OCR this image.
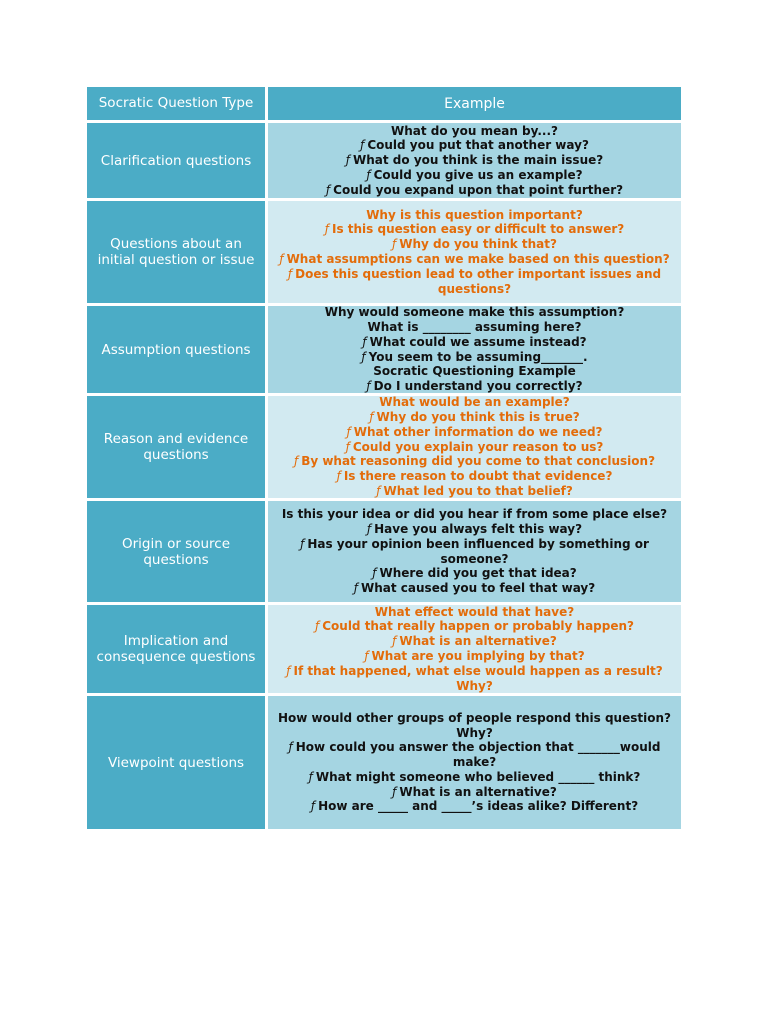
Socratic Question Type	Example
Clarification questions
What do you mean by...?
ƒ Could you put that another way?
ƒ What do you think is the main issue?
ƒ Could you give us an example?
ƒ Could you expand upon that point further?
Questions about an initial question or issue
Why is this question important?
ƒ Is this question easy or difficult to answer?
ƒ Why do you think that?
ƒ What assumptions can we make based on this question?
ƒ Does this question lead to other important issues and questions?
Assumption questions
Why would someone make this assumption?
What is ________ assuming here?
ƒ What could we assume instead?
ƒ You seem to be assuming_______.
Socratic Questioning Example
ƒ Do I understand you correctly?
Reason and evidence questions
What would be an example?
ƒ Why do you think this is true?
ƒ What other information do we need?
ƒ Could you explain your reason to us?
ƒ By what reasoning did you come to that conclusion?
ƒ Is there reason to doubt that evidence?
ƒ What led you to that belief?
Origin or source questions
Is this your idea or did you hear if from some place else?
ƒ Have you always felt this way?
ƒ Has your opinion been influenced by something or someone?
ƒ Where did you get that idea?
ƒ What caused you to feel that way?
Implication and consequence questions
What effect would that have?
ƒ Could that really happen or probably happen?
ƒ What is an alternative?
ƒ What are you implying by that?
ƒ If that happened, what else would happen as a result? Why?
Viewpoint questions
How would other groups of people respond this question?
Why?
ƒ How could you answer the objection that _______would make?
ƒ What might someone who believed ______ think?
ƒ What is an alternative?
ƒ How are _____ and _____’s ideas alike? Different?
